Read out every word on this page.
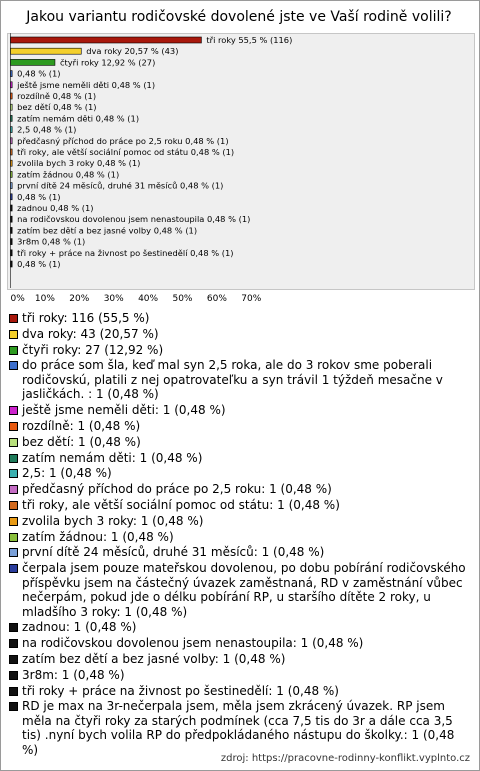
Jakou variantu rodičovské dovolené jste ve Vaší rodině volili?
tři roky 55,5 % (116)
dva roky 20,57 % (43)
čtyři roky 12,92 % (27)
0,48 % (1)
ještě jsme neměli děti 0,48 % (1)
rozdílně 0,48 % (1)
bez dětí 0,48 % (1)
zatím nemám děti 0,48 % (1)
2,5 0,48 % (1)
předčasný příchod do práce po 2,5 roku 0,48 % (1)
tři roky, ale větší sociální pomoc od státu 0,48 % (1)
zvolila bych 3 roky 0,48 % (1)
zatím žádnou 0,48 % (1)
první dítě 24 měsíců, druhé 31 měsíců 0,48 % (1)
0,48 % (1)
zadnou 0,48 % (1)
na rodičovskou dovolenou jsem nenastoupila 0,48 % (1)
zatím bez dětí a bez jasné volby 0,48 % (1)
3r8m 0,48 % (1)
tři roky + práce na živnost po šestinedělí 0,48 % (1)
0,48 % (1)
0% 10% 20% 30% 40% 50% 60% 70%
tři roky: 116 (55,5 %)
dva roky: 43 (20,57 %)
čtyři roky: 27 (12,92 %)
do práce som šla, keď mal syn 2,5 roka, ale do 3 rokov sme poberali rodičovskú, platili z nej opatrovateľku a syn trávil 1 týždeň mesačne v jasličkách. : 1 (0,48 %)
ještě jsme neměli děti: 1 (0,48 %)
rozdílně: 1 (0,48 %)
bez dětí: 1 (0,48 %)
zatím nemám děti: 1 (0,48 %)
2,5: 1 (0,48 %)
předčasný příchod do práce po 2,5 roku: 1 (0,48 %)
tři roky, ale větší sociální pomoc od státu: 1 (0,48 %)
zvolila bych 3 roky: 1 (0,48 %)
zatím žádnou: 1 (0,48 %)
první dítě 24 měsíců, druhé 31 měsíců: 1 (0,48 %)
čerpala jsem pouze mateřskou dovolenou, po dobu pobírání rodičovského příspěvku jsem na částečný úvazek zaměstnaná, RD v zaměstnání vůbec nečerpám, pokud jde o délku pobírání RP, u staršího dítěte 2 roky, u mladšího 3 roky: 1 (0,48 %)
zadnou: 1 (0,48 %)
na rodičovskou dovolenou jsem nenastoupila: 1 (0,48 %)
zatím bez dětí a bez jasné volby: 1 (0,48 %)
3r8m: 1 (0,48 %)
tři roky + práce na živnost po šestinedělí: 1 (0,48 %)
RD je max na 3r-nečerpala jsem, měla jsem zkrácený úvazek. RP jsem měla na čtyři roky za starých podmínek (cca 7,5 tis do 3r a dále cca 3,5 tis) .nyní bych volila RP do předpokládaného nástupu do školky.: 1 (0,48 %)
zdroj: https://pracovne-rodinny-konflikt.vyplnto.cz
